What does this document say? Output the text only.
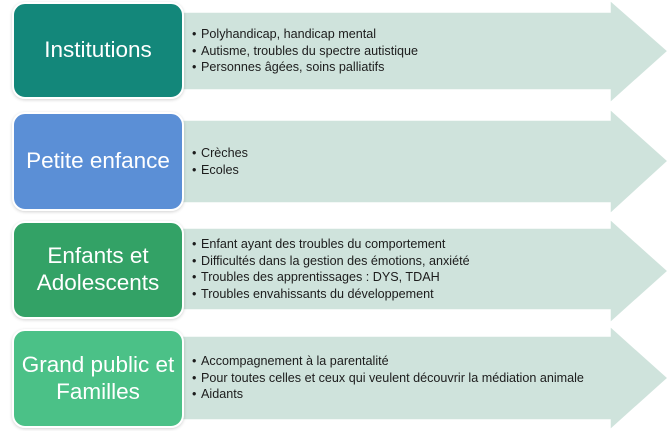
Institutions
• Polyhandicap, handicap mental
• Autisme, troubles du spectre autistique
• Personnes âgées, soins palliatifs
Petite enfance
•	Crèches
• Ecoles
Enfants et Adolescents
• Enfant ayant des troubles du comportement
• Difficultés dans la gestion des émotions, anxiété
• Troubles des apprentissages : DYS, TDAH
• Troubles envahissants du développement
Grand public et Familles
• Accompagnement à la parentalité
• Pour toutes celles et ceux qui veulent découvrir la médiation animale
• Aidants
